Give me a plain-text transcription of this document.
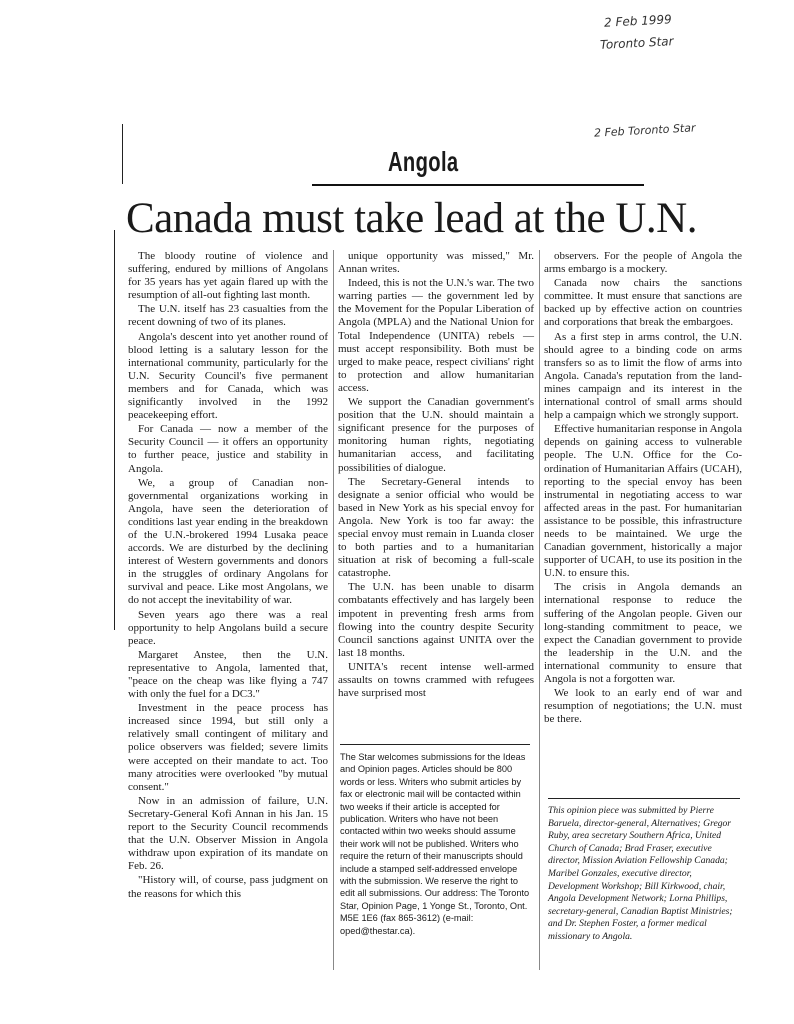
2 Feb 1999
Toronto Star
2 Feb Toronto Star
Angola
Canada must take lead at the U.N.

The bloody routine of violence and suffering, endured by millions of Angolans for 35 years has yet again flared up with the resumption of all-out fighting last month.

The U.N. itself has 23 casualties from the recent downing of two of its planes.

Angola's descent into yet another round of blood letting is a salutary lesson for the international community, particularly for the U.N. Security Council's five permanent members and for Canada, which was significantly involved in the 1992 peacekeeping effort.

For Canada — now a member of the Security Council — it offers an opportunity to further peace, justice and stability in Angola.

We, a group of Canadian non-governmental organizations working in Angola, have seen the deterioration of conditions last year ending in the breakdown of the U.N.-brokered 1994 Lusaka peace accords. We are disturbed by the declining interest of Western governments and donors in the struggles of ordinary Angolans for survival and peace. Like most Angolans, we do not accept the inevitability of war.

Seven years ago there was a real opportunity to help Angolans build a secure peace.

Margaret Anstee, then the U.N. representative to Angola, lamented that, "peace on the cheap was like flying a 747 with only the fuel for a DC3."

Investment in the peace process has increased since 1994, but still only a relatively small contingent of military and police observers was fielded; severe limits were accepted on their mandate to act. Too many atrocities were overlooked "by mutual consent."

Now in an admission of failure, U.N. Secretary-General Kofi Annan in his Jan. 15 report to the Security Council recommends that the U.N. Observer Mission in Angola withdraw upon expiration of its mandate on Feb. 26.

"History will, of course, pass judgment on the reasons for which this

unique opportunity was missed," Mr. Annan writes.

Indeed, this is not the U.N.'s war. The two warring parties — the government led by the Movement for the Popular Liberation of Angola (MPLA) and the National Union for Total Independence (UNITA) rebels — must accept responsibility. Both must be urged to make peace, respect civilians' right to protection and allow humanitarian access.

We support the Canadian government's position that the U.N. should maintain a significant presence for the purposes of monitoring human rights, negotiating humanitarian access, and facilitating possibilities of dialogue.

The Secretary-General intends to designate a senior official who would be based in New York as his special envoy for Angola. New York is too far away: the special envoy must remain in Luanda closer to both parties and to a humanitarian situation at risk of becoming a full-scale catastrophe.

The U.N. has been unable to disarm combatants effectively and has largely been impotent in preventing fresh arms from flowing into the country despite Security Council sanctions against UNITA over the last 18 months.

UNITA's recent intense well-armed assaults on towns crammed with refugees have surprised most

observers. For the people of Angola the arms embargo is a mockery.

Canada now chairs the sanctions committee. It must ensure that sanctions are backed up by effective action on countries and corporations that break the embargoes.

As a first step in arms control, the U.N. should agree to a binding code on arms transfers so as to limit the flow of arms into Angola. Canada's reputation from the land-mines campaign and its interest in the international control of small arms should help a campaign which we strongly support.

Effective humanitarian response in Angola depends on gaining access to vulnerable people. The U.N. Office for the Co-ordination of Humanitarian Affairs (UCAH), reporting to the special envoy has been instrumental in negotiating access to war affected areas in the past. For humanitarian assistance to be possible, this infrastructure needs to be maintained. We urge the Canadian government, historically a major supporter of UCAH, to use its position in the U.N. to ensure this.

The crisis in Angola demands an international response to reduce the suffering of the Angolan people. Given our long-standing commitment to peace, we expect the Canadian government to provide the leadership in the U.N. and the international community to ensure that Angola is not a forgotten war.

We look to an early end of war and resumption of negotiations; the U.N. must be there.

The Star welcomes submissions for the Ideas and Opinion pages. Articles should be 800 words or less. Writers who submit articles by fax or electronic mail will be contacted within two weeks if their article is accepted for publication. Writers who have not been contacted within two weeks should assume their work will not be published. Writers who require the return of their manuscripts should include a stamped self-addressed envelope with the submission. We reserve the right to edit all submissions. Our address: The Toronto Star, Opinion Page, 1 Yonge St., Toronto, Ont. M5E 1E6 (fax 865-3612) (e-mail: oped@thestar.ca).
This opinion piece was submitted by Pierre Baruela, director-general, Alternatives; Gregor Ruby, area secretary Southern Africa, United Church of Canada; Brad Fraser, executive director, Mission Aviation Fellowship Canada; Maribel Gonzales, executive director, Development Workshop; Bill Kirkwood, chair, Angola Development Network; Lorna Phillips, secretary-general, Canadian Baptist Ministries; and Dr. Stephen Foster, a former medical missionary to Angola.
